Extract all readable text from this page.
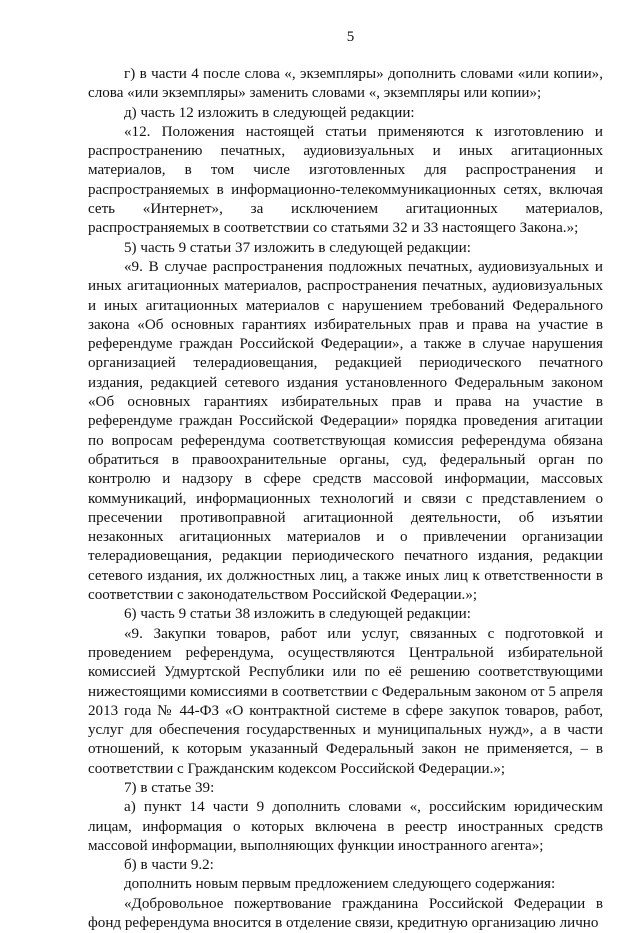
5

г) в части 4 после слова «, экземпляры» дополнить словами «или копии», слова «или экземпляры» заменить словами «, экземпляры или копии»;

д) часть 12 изложить в следующей редакции:

«12. Положения настоящей статьи применяются к изготовлению и распространению печатных, аудиовизуальных и иных агитационных материалов, в том числе изготовленных для распространения и распространяемых в информационно-телекоммуникационных сетях, включая сеть «Интернет», за исключением агитационных материалов, распространяемых в соответствии со статьями 32 и 33 настоящего Закона.»;

5) часть 9 статьи 37 изложить в следующей редакции:

«9. В случае распространения подложных печатных, аудиовизуальных и иных агитационных материалов, распространения печатных, аудиовизуальных и иных агитационных материалов с нарушением требований Федерального закона «Об основных гарантиях избирательных прав и права на участие в референдуме граждан Российской Федерации», а также в случае нарушения организацией телерадиовещания, редакцией периодического печатного издания, редакцией сетевого издания установленного Федеральным законом «Об основных гарантиях избирательных прав и права на участие в референдуме граждан Российской Федерации» порядка проведения агитации по вопросам референдума соответствующая комиссия референдума обязана обратиться в правоохранительные органы, суд, федеральный орган по контролю и надзору в сфере средств массовой информации, массовых коммуникаций, информационных технологий и связи с представлением о пресечении противоправной агитационной деятельности, об изъятии незаконных агитационных материалов и о привлечении организации телерадиовещания, редакции периодического печатного издания, редакции сетевого издания, их должностных лиц, а также иных лиц к ответственности в соответствии с законодательством Российской Федерации.»;

6) часть 9 статьи 38 изложить в следующей редакции:

«9. Закупки товаров, работ или услуг, связанных с подготовкой и проведением референдума, осуществляются Центральной избирательной комиссией Удмуртской Республики или по её решению соответствующими нижестоящими комиссиями в соответствии с Федеральным законом от 5 апреля 2013 года № 44-ФЗ «О контрактной системе в сфере закупок товаров, работ, услуг для обеспечения государственных и муниципальных нужд», а в части отношений, к которым указанный Федеральный закон не применяется, – в соответствии с Гражданским кодексом Российской Федерации.»;

7) в статье 39:

а) пункт 14 части 9 дополнить словами «, российским юридическим лицам, информация о которых включена в реестр иностранных средств массовой информации, выполняющих функции иностранного агента»;

б) в части 9.2:

дополнить новым первым предложением следующего содержания:

«Добровольное пожертвование гражданина Российской Федерации в фонд референдума вносится в отделение связи, кредитную организацию лично
